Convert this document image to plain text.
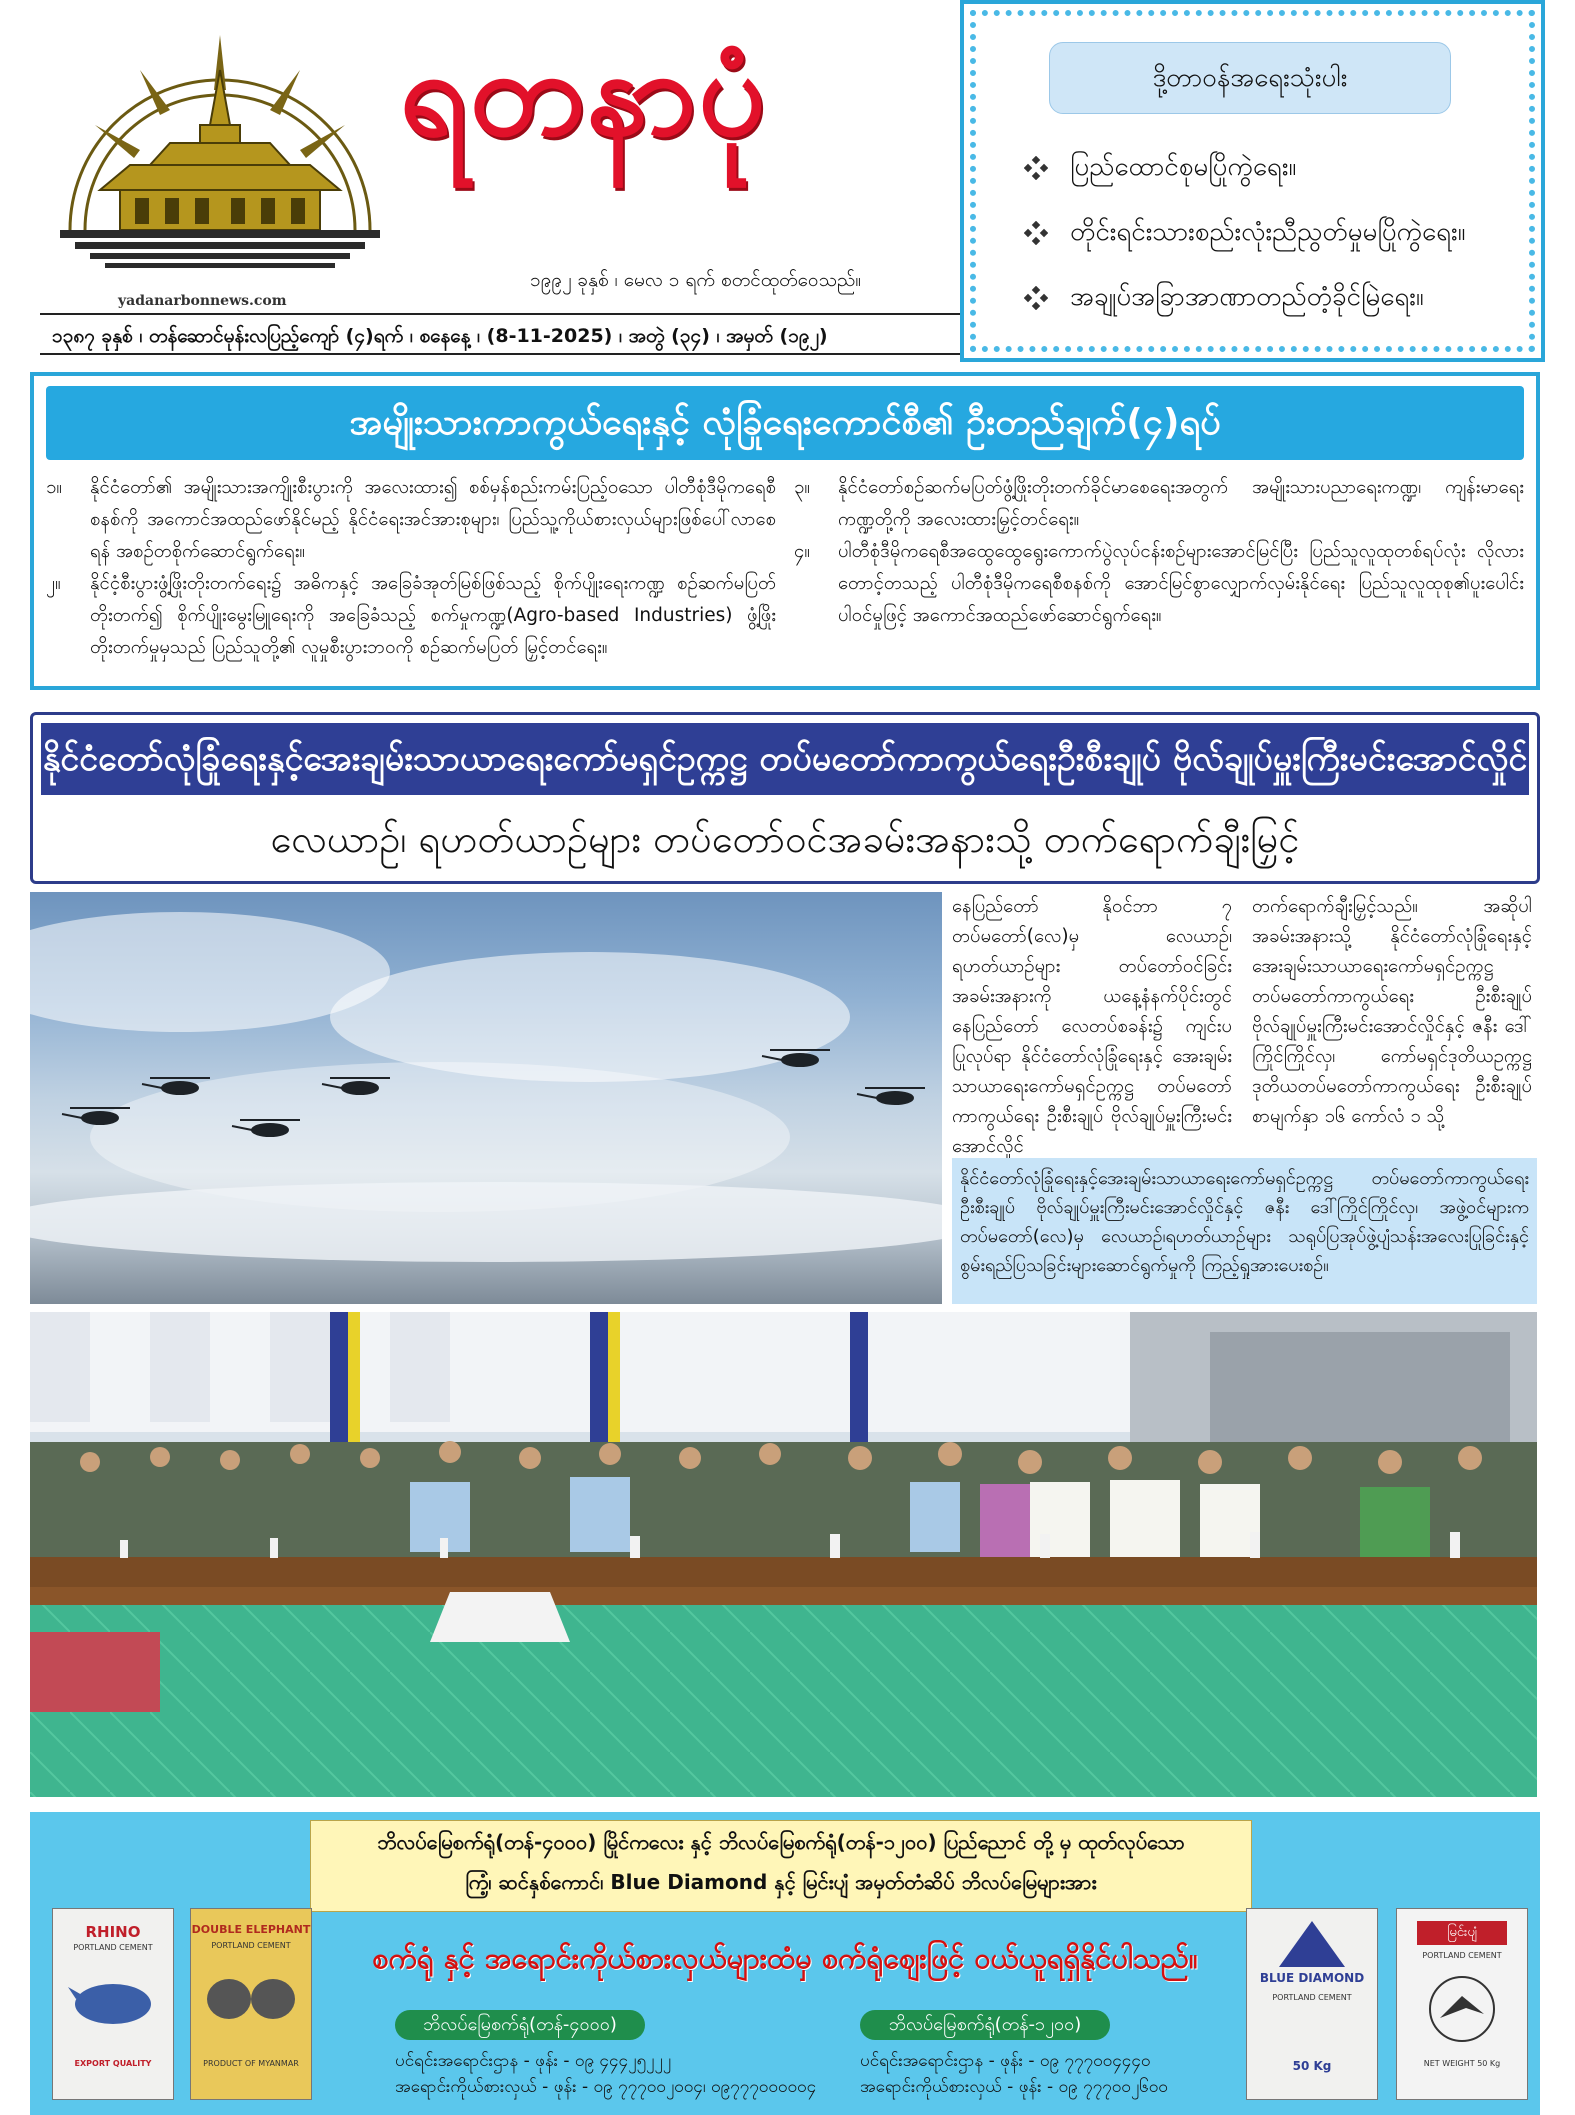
ရတနာပုံ
၁၉၉၂ ခုနှစ် ၊ မေလ ၁ ရက် စတင်ထုတ်ဝေသည်။
yadanarbonnews.com
၁၃၈၇ ခုနှစ် ၊ တန်ဆောင်မုန်းလပြည့်ကျော် (၄)ရက် ၊ စနေနေ့ ၊ (8-11-2025) ၊ အတွဲ (၃၄) ၊ အမှတ် (၁၉၂)
ဒို့တာဝန်အရေးသုံးပါး
ပြည်ထောင်စုမပြိုကွဲရေး။
တိုင်းရင်းသားစည်းလုံးညီညွတ်မှုမပြိုကွဲရေး။
အချုပ်အခြာအာဏာတည်တံ့ခိုင်မြဲရေး။
အမျိုးသားကာကွယ်ရေးနှင့် လုံခြုံရေးကောင်စီ၏ ဦးတည်ချက်(၄)ရပ်
၁။	နိုင်ငံတော်၏ အမျိုးသားအကျိုးစီးပွားကို အလေးထား၍ စစ်မှန်စည်းကမ်းပြည့်ဝသော ပါတီစုံဒီမိုကရေစီစနစ်ကို အကောင်အထည်ဖော်နိုင်မည့် နိုင်ငံရေးအင်အားစုများ၊ ပြည်သူ့ကိုယ်စားလှယ်များဖြစ်ပေါ်လာစေရန် အစဉ်တစိုက်ဆောင်ရွက်ရေး။
၂။	နိုင်ငံ့စီးပွားဖွံ့ဖြိုးတိုးတက်ရေး၌ အဓိကနှင့် အခြေခံအုတ်မြစ်ဖြစ်သည့် စိုက်ပျိုးရေးကဏ္ဍ စဉ်ဆက်မပြတ်တိုးတက်၍ စိုက်ပျိုးမွေးမြူရေးကို အခြေခံသည့် စက်မှုကဏ္ဍ(Agro-based Industries) ဖွံ့ဖြိုးတိုးတက်မှုမှသည် ပြည်သူတို့၏ လူမှုစီးပွားဘဝကို စဉ်ဆက်မပြတ် မြှင့်တင်ရေး။
၃။	နိုင်ငံတော်စဉ်ဆက်မပြတ်ဖွံ့ဖြိုးတိုးတက်ခိုင်မာစေရေးအတွက် အမျိုးသားပညာရေးကဏ္ဍ၊ ကျန်းမာရေးကဏ္ဍတို့ကို အလေးထားမြှင့်တင်ရေး။
၄။	ပါတီစုံဒီမိုကရေစီအထွေထွေရွေးကောက်ပွဲလုပ်ငန်းစဉ်များအောင်မြင်ပြီး ပြည်သူလူထုတစ်ရပ်လုံး လိုလားတောင့်တသည့် ပါတီစုံဒီမိုကရေစီစနစ်ကို အောင်မြင်စွာလျှောက်လှမ်းနိုင်ရေး ပြည်သူလူထုစု၏ပူးပေါင်းပါဝင်မှုဖြင့် အကောင်အထည်ဖော်ဆောင်ရွက်ရေး။
နိုင်ငံတော်လုံခြုံရေးနှင့်အေးချမ်းသာယာရေးကော်မရှင်ဥက္ကဋ္ဌ တပ်မတော်ကာကွယ်ရေးဦးစီးချုပ် ဗိုလ်ချုပ်မှူးကြီးမင်းအောင်လှိုင်
လေယာဉ်၊ ရဟတ်ယာဉ်များ တပ်တော်ဝင်အခမ်းအနားသို့ တက်ရောက်ချီးမြှင့်
နေပြည်တော် နိုဝင်ဘာ ၇ တပ်မတော်(လေ)မှ လေယာဉ်၊ရဟတ်ယာဉ်များ တပ်တော်ဝင်ခြင်းအခမ်းအနားကို ယနေ့နံနက်ပိုင်းတွင် နေပြည်တော် လေတပ်စခန်း၌ ကျင်းပပြုလုပ်ရာ နိုင်ငံတော်လုံခြုံရေးနှင့် အေးချမ်းသာယာရေးကော်မရှင်ဥက္ကဋ္ဌ တပ်မတော်ကာကွယ်ရေး ဦးစီးချုပ် ဗိုလ်ချုပ်မှူးကြီးမင်းအောင်လှိုင်
တက်ရောက်ချီးမြှင့်သည်။ အဆိုပါအခမ်းအနားသို့ နိုင်ငံတော်လုံခြုံရေးနှင့် အေးချမ်းသာယာရေးကော်မရှင်ဥက္ကဋ္ဌ တပ်မတော်ကာကွယ်ရေး ဦးစီးချုပ် ဗိုလ်ချုပ်မှူးကြီးမင်းအောင်လှိုင်နှင့် ဇနီး ဒေါ်ကြိုင်ကြိုင်လှ၊ ကော်မရှင်ဒုတိယဥက္ကဋ္ဌ ဒုတိယတပ်မတော်ကာကွယ်ရေး ဦးစီးချုပ် စာမျက်နှာ ၁၆ ကော်လံ ၁ သို့
နိုင်ငံတော်လုံခြုံရေးနှင့်အေးချမ်းသာယာရေးကော်မရှင်ဥက္ကဋ္ဌ တပ်မတော်ကာကွယ်ရေး ဦးစီးချုပ် ဗိုလ်ချုပ်မှူးကြီးမင်းအောင်လှိုင်နှင့် ဇနီး ဒေါ်ကြိုင်ကြိုင်လှ၊ အဖွဲ့ဝင်များက တပ်မတော်(လေ)မှ လေယာဉ်၊ရဟတ်ယာဉ်များ သရုပ်ပြအုပ်ဖွဲ့ပျံသန်းအလေးပြုခြင်းနှင့် စွမ်းရည်ပြသခြင်းများဆောင်ရွက်မှုကို ကြည့်ရှုအားပေးစဉ်။
ဘိလပ်မြေစက်ရုံ(တန်-၄၀၀၀) မြိုင်ကလေး နှင့် ဘိလပ်မြေစက်ရုံ(တန်-၁၂၀၀) ပြည်ညောင် တို့ မှ ထုတ်လုပ်သော
ကြံ့၊ ဆင်နှစ်ကောင်၊ Blue Diamond နှင့် မြင်းပျံ အမှတ်တံဆိပ် ဘိလပ်မြေများအား
စက်ရုံ နှင့် အရောင်းကိုယ်စားလှယ်များထံမှ စက်ရုံဈေးဖြင့် ဝယ်ယူရရှိနိုင်ပါသည်။
RHINO
PORTLAND CEMENT
EXPORT QUALITY
DOUBLE ELEPHANT
PORTLAND CEMENT
PRODUCT OF MYANMAR
BLUE DIAMOND
PORTLAND CEMENT
50 Kg
မြင်းပျံ
PORTLAND CEMENT
NET WEIGHT 50 Kg
ဘိလပ်မြေစက်ရုံ(တန်-၄၀၀၀)
ပင်ရင်းအရောင်းဌာန - ဖုန်း - ၀၉ ၄၄၄၂၅၂၂၂
အရောင်းကိုယ်စားလှယ် - ဖုန်း - ၀၉ ၇၇၇၀၀၂၀၀၄၊ ၀၉၇၇၇၀၀၀၀၀၄
ဘိလပ်မြေစက်ရုံ(တန်-၁၂၀၀)
ပင်ရင်းအရောင်းဌာန - ဖုန်း - ၀၉ ၇၇၇၀၀၄၄၄၀
အရောင်းကိုယ်စားလှယ် - ဖုန်း - ၀၉ ၇၇၇၀၀၂၆၀၀
